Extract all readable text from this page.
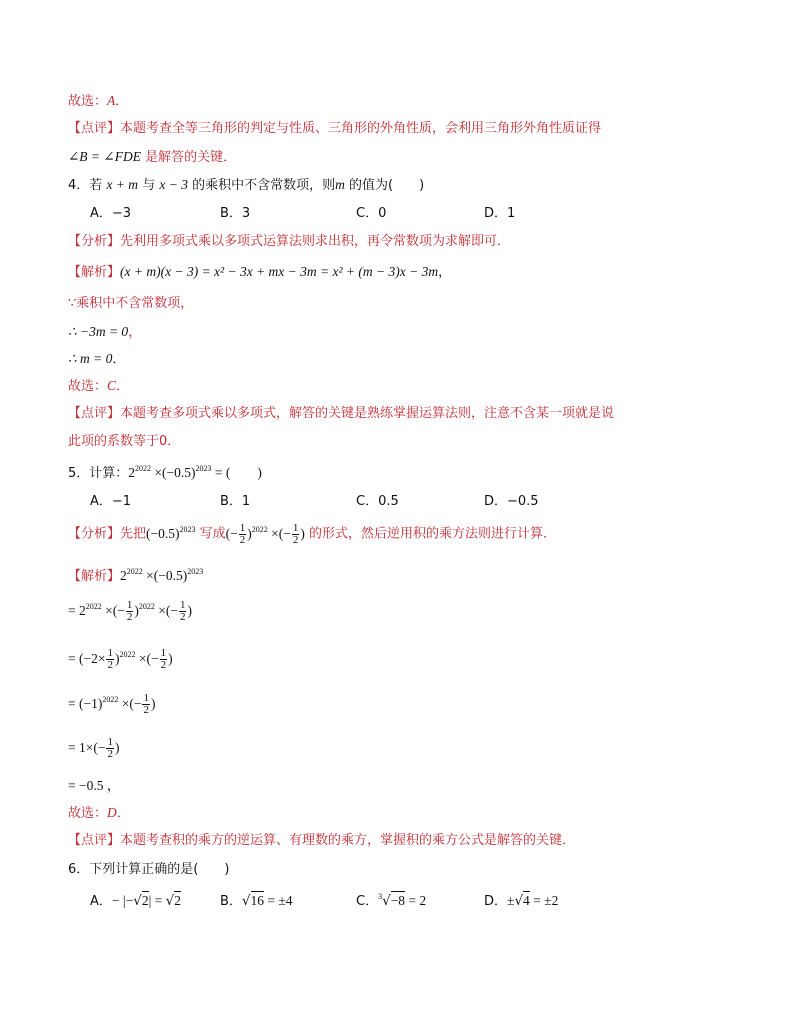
故选：A．
【点评】本题考查全等三角形的判定与性质、三角形的外角性质，会利用三角形外角性质证得
∠B = ∠FDE 是解答的关键．
4．若 x + m 与 x − 3 的乘积中不含常数项，则m 的值为(　　)
A．−3	B．3	C．0	D．1
【分析】先利用多项式乘以多项式运算法则求出积，再令常数项为求解即可．
【解析】(x + m)(x − 3) = x² − 3x + mx − 3m = x² + (m − 3)x − 3m，
∵乘积中不含常数项，
∴ −3m = 0，
∴ m = 0．
故选：C．
【点评】本题考查多项式乘以多项式，解答的关键是熟练掌握运算法则，注意不含某一项就是说
此项的系数等于0．
5．计算：$2^{2022} \times(-0.5)^{2023}$ = (　　)
A．−1	B．1	C．0.5	D．−0.5
【分析】先把$(-0.5)^{2023}$ 写成(− $\frac{1}{2} )^{2022}$ ×(− $\frac{1}{2}$ ) 的形式，然后逆用积的乘方法则进行计算．
【解析】$2^{2022} \times(-0.5)^{2023}$
= $2^{2022}$ ×(− $\frac{1}{2} )^{2022}$ ×(− $\frac{1}{2}$ )
= $(-2\times \frac{1}{2} )^{2022}$ ×(− $\frac{1}{2}$ )
= $(-1)^{2022}$ ×(− $\frac{1}{2}$ )
= $1\times(- \frac{1}{2}$ )
= −0.5 ，
故选：D．
【点评】本题考查积的乘方的逆运算、有理数的乘方，掌握积的乘方公式是解答的关键．
6．下列计算正确的是(　　)
A．− |−√2| = √2	B．√16 = ±4	C．$^3$√−8 = 2	D．±√4 = ±2
